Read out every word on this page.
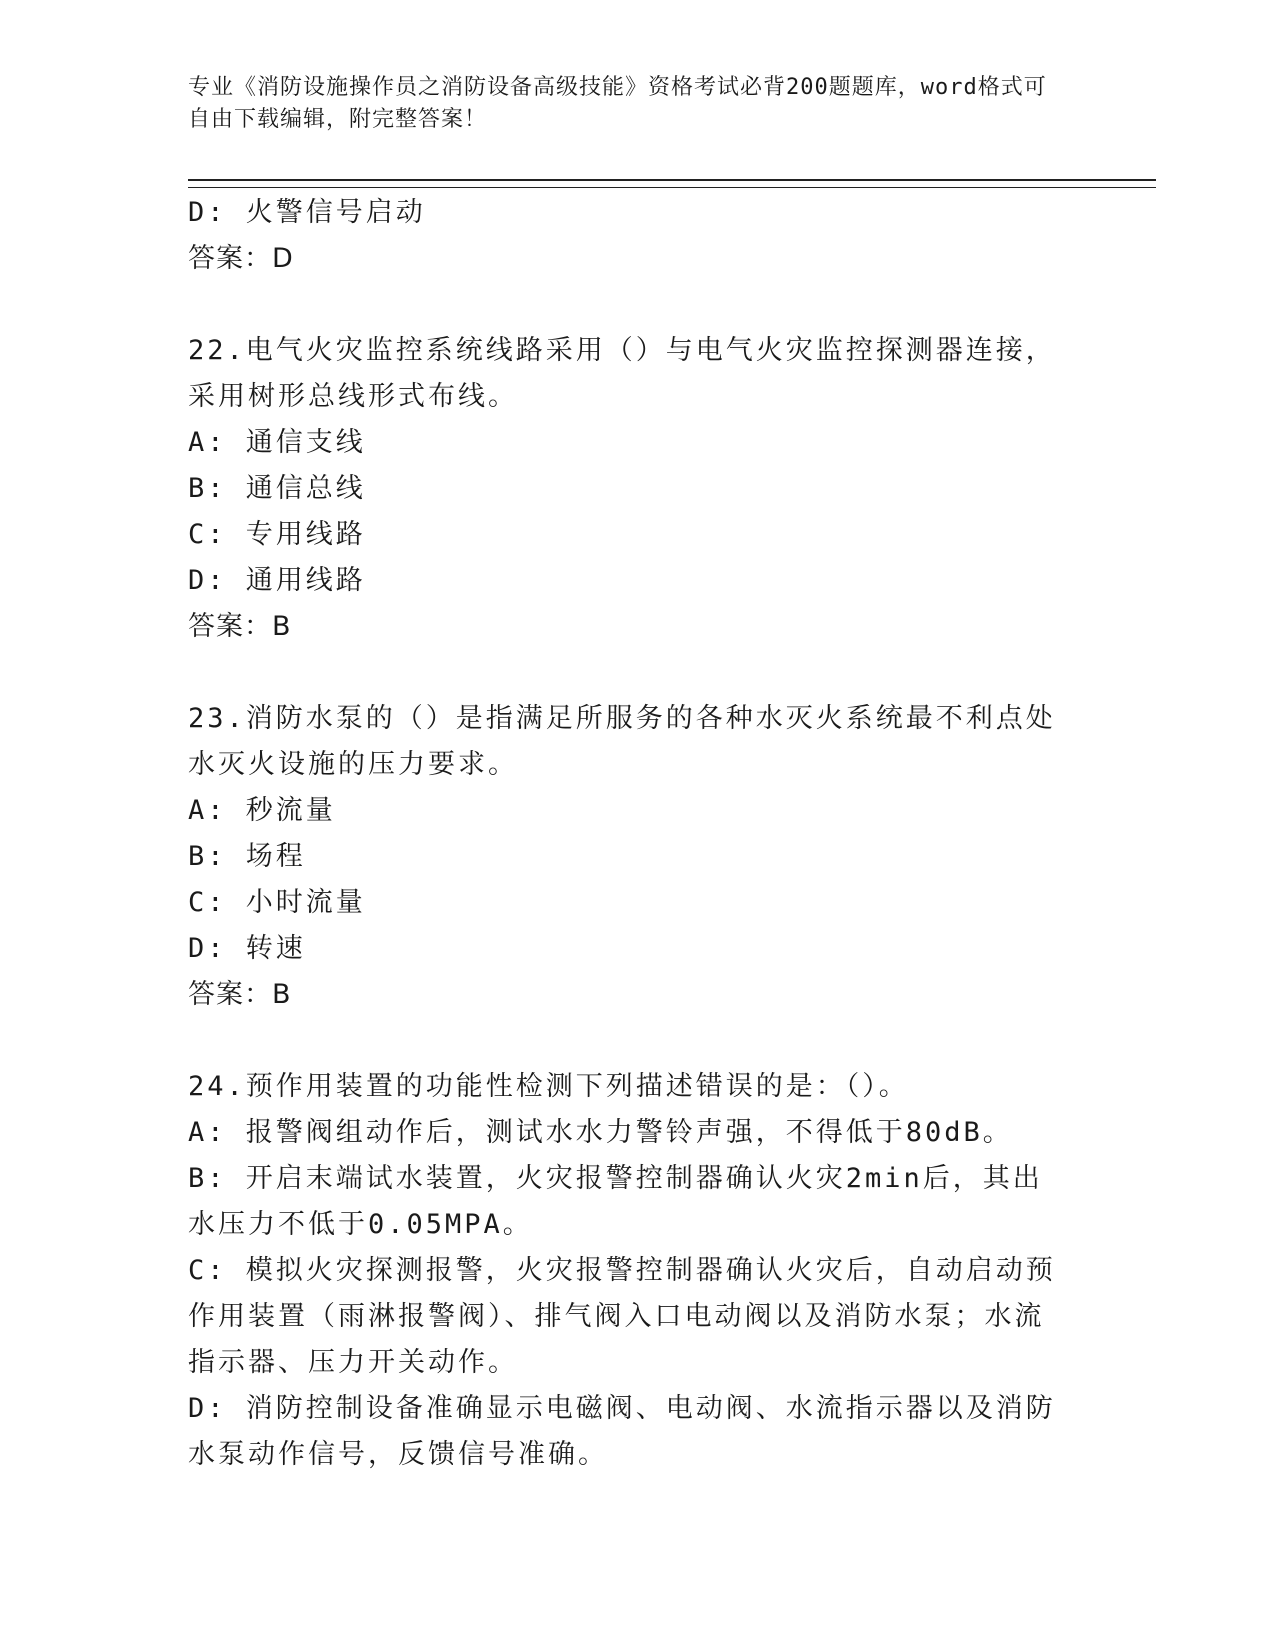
专业《消防设施操作员之消防设备高级技能》资格考试必背200题题库，word格式可自由下载编辑，附完整答案！

D: 火警信号启动

答案：D

22.电气火灾监控系统线路采用（）与电气火灾监控探测器连接，采用树形总线形式布线。

A: 通信支线

B: 通信总线

C: 专用线路

D: 通用线路

答案：B

23.消防水泵的（）是指满足所服务的各种水灭火系统最不利点处水灭火设施的压力要求。

A: 秒流量

B: 场程

C: 小时流量

D: 转速

答案：B

24.预作用装置的功能性检测下列描述错误的是：（）。

A: 报警阀组动作后，测试水水力警铃声强，不得低于80dB。

B: 开启末端试水装置，火灾报警控制器确认火灾2min后，其出水压力不低于0.05MPA。

C: 模拟火灾探测报警，火灾报警控制器确认火灾后，自动启动预作用装置（雨淋报警阀）、排气阀入口电动阀以及消防水泵；水流指示器、压力开关动作。

D: 消防控制设备准确显示电磁阀、电动阀、水流指示器以及消防水泵动作信号，反馈信号准确。
